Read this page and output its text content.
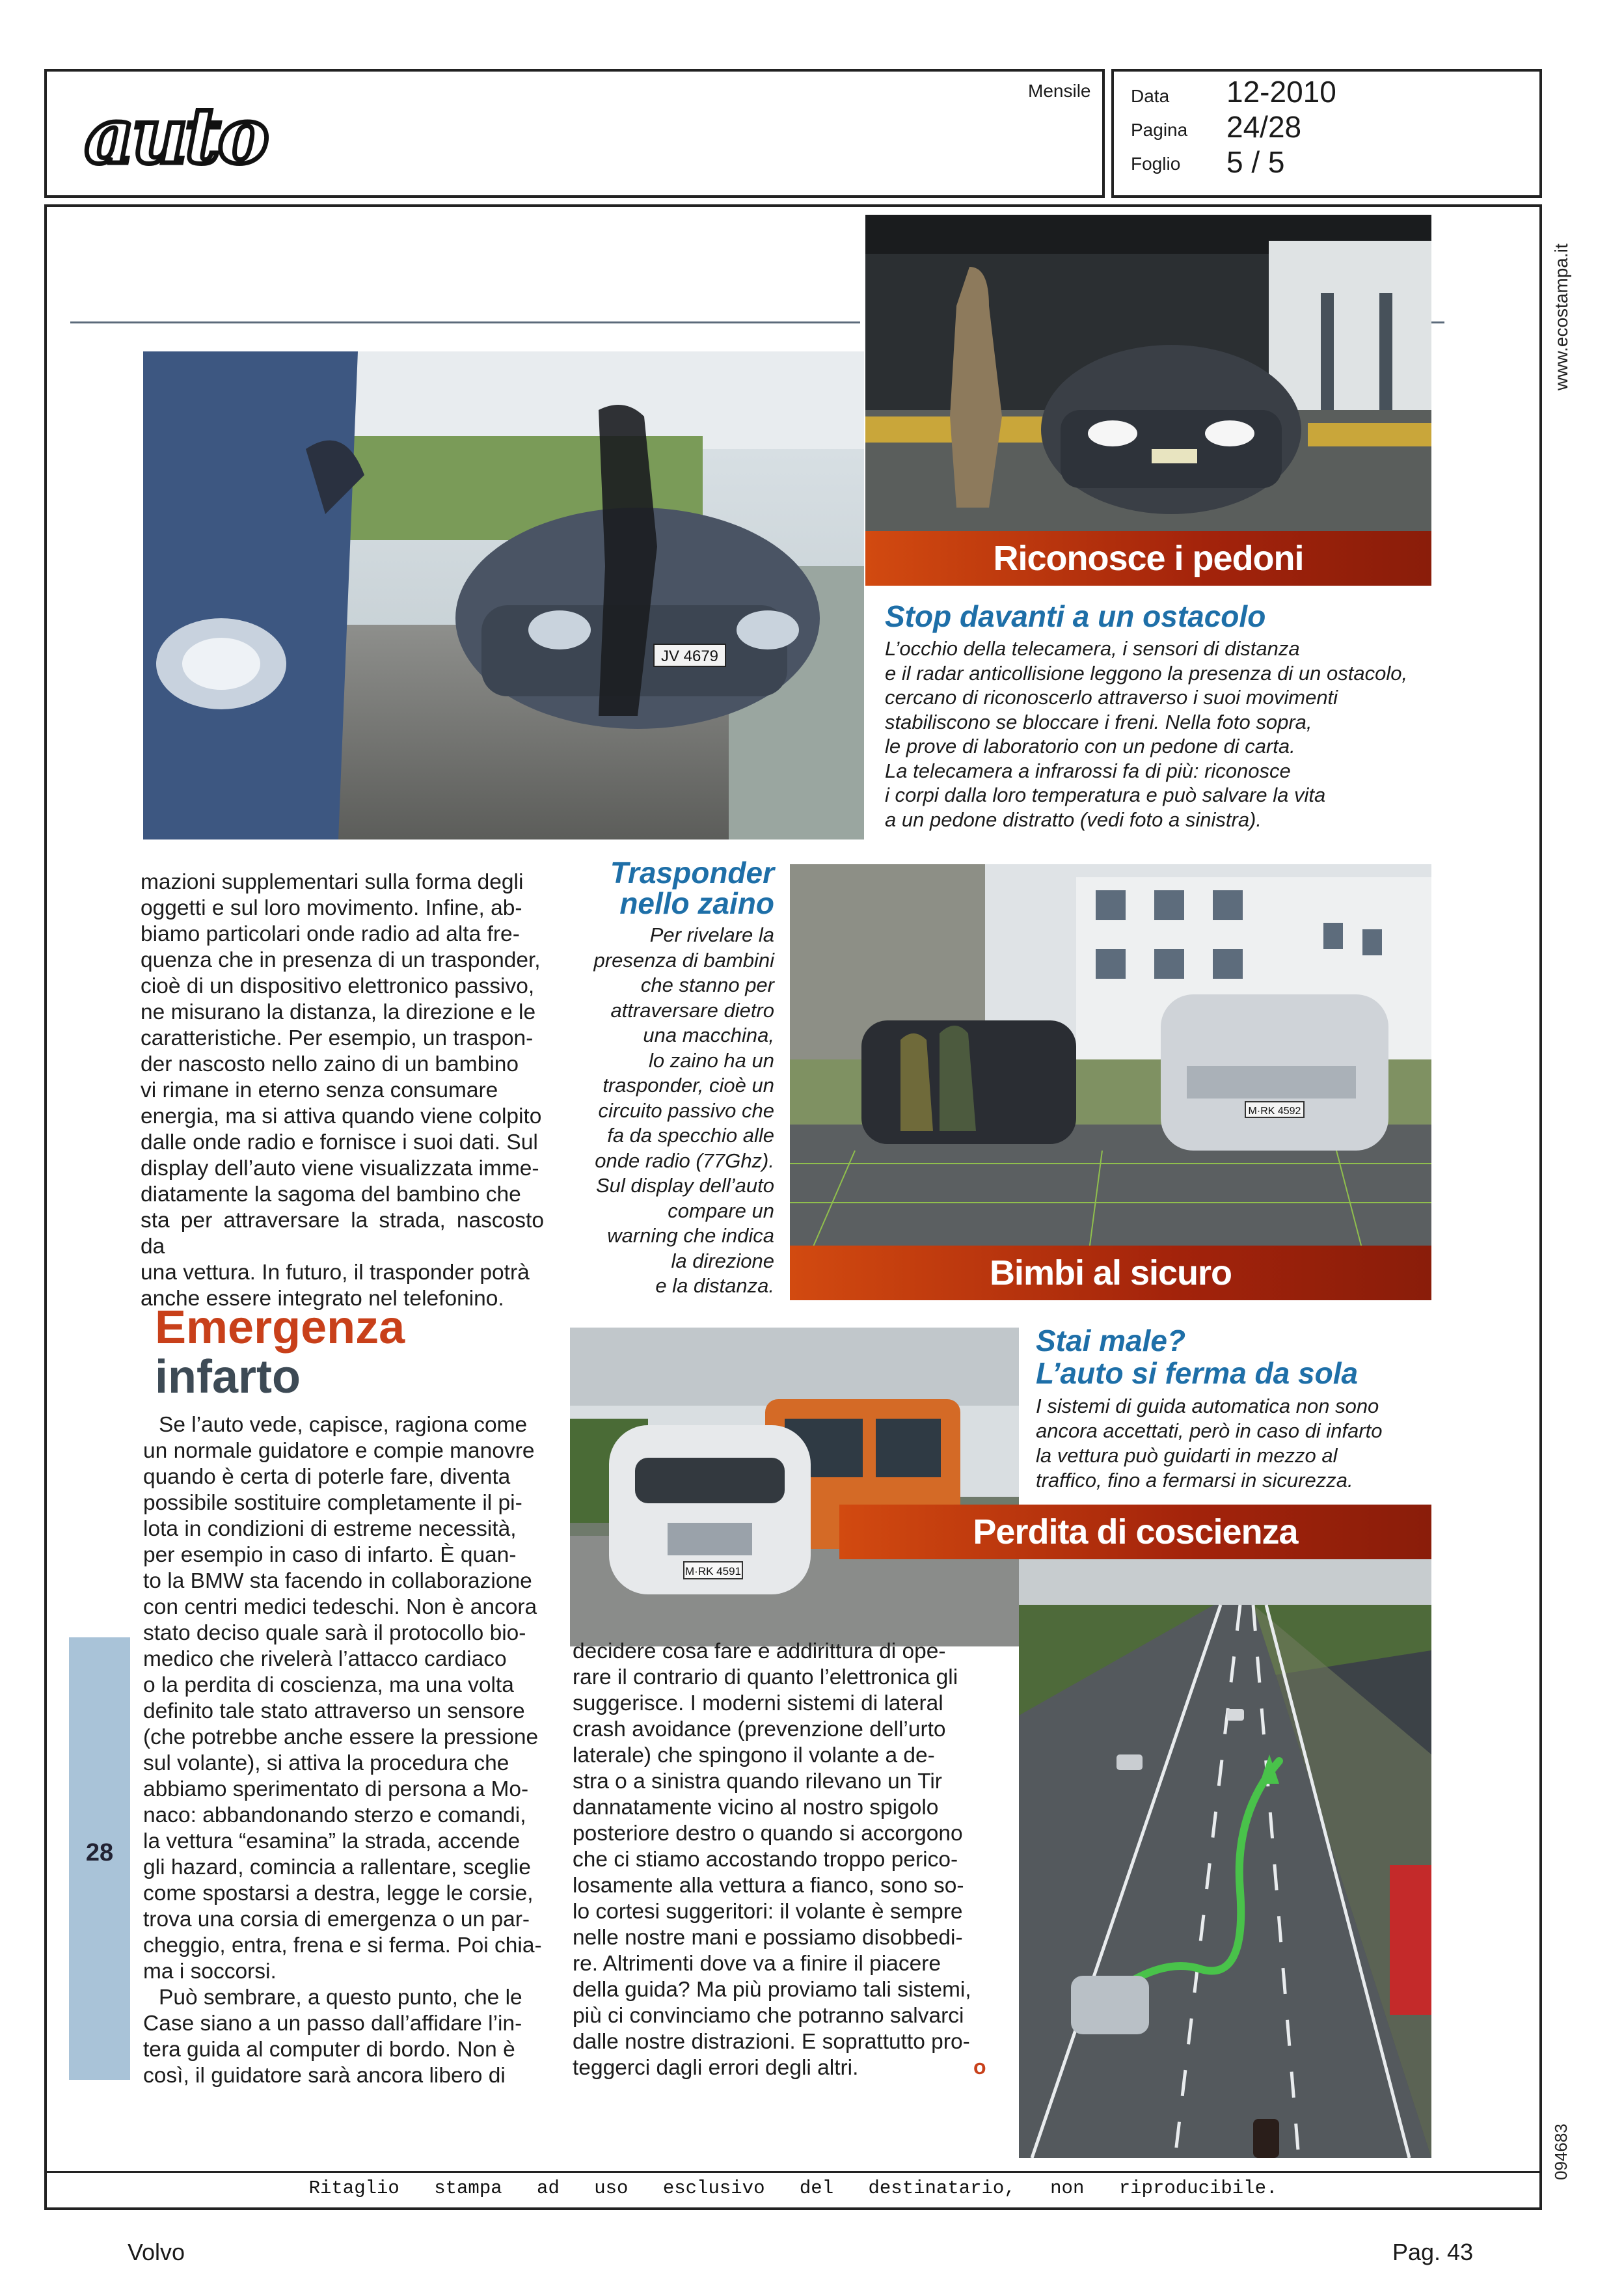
auto	Mensile Data 12-2010
Pagina 24/28
Foglio 5 / 5
www.ecostampa.it
094683
JV 4679
Riconosce i pedoni
Stop davanti a un ostacolo
L’occhio della telecamera, i sensori di distanza
e il radar anticollisione leggono la presenza di un ostacolo,
cercano di riconoscerlo attraverso i suoi movimenti
stabiliscono se bloccare i freni. Nella foto sopra,
le prove di laboratorio con un pedone di carta.
La telecamera a infrarossi fa di più: riconosce
i corpi dalla loro temperatura e può salvare la vita
a un pedone distratto (vedi foto a sinistra).

mazioni supplementari sulla forma degli

oggetti e sul loro movimento. Infine, ab-

biamo particolari onde radio ad alta fre-

quenza che in presenza di un trasponder,

cioè di un dispositivo elettronico passivo,

ne misurano la distanza, la direzione e le

caratteristiche. Per esempio, un traspon-

der nascosto nello zaino di un bambino

vi rimane in eterno senza consumare

energia, ma si attiva quando viene colpito

dalle onde radio e fornisce i suoi dati. Sul

display dell’auto viene visualizzata imme-

diatamente la sagoma del bambino che

sta per attraversare la strada, nascosto da

una vettura. In futuro, il trasponder potrà

anche essere integrato nel telefonino.

Trasponder
nello zaino
Per rivelare la
presenza di bambini
che stanno per
attraversare dietro
una macchina,
lo zaino ha un
trasponder, cioè un
circuito passivo che
fa da specchio alle
onde radio (77Ghz).
Sul display dell’auto
compare un
warning che indica
la direzione
e la distanza.
M·RK 4592
Bimbi al sicuro
Emergenza
infarto
28

Se l’auto vede, capisce, ragiona come

un normale guidatore e compie manovre

quando è certa di poterle fare, diventa

possibile sostituire completamente il pi-

lota in condizioni di estreme necessità,

per esempio in caso di infarto. È quan-

to la BMW sta facendo in collaborazione

con centri medici tedeschi. Non è ancora

stato deciso quale sarà il protocollo bio-

medico che rivelerà l’attacco cardiaco

o la perdita di coscienza, ma una volta

definito tale stato attraverso un sensore

(che potrebbe anche essere la pressione

sul volante), si attiva la procedura che

abbiamo sperimentato di persona a Mo-

naco: abbandonando sterzo e comandi,

la vettura “esamina” la strada, accende

gli hazard, comincia a rallentare, sceglie

come spostarsi a destra, legge le corsie,

trova una corsia di emergenza o un par-

cheggio, entra, frena e si ferma. Poi chia-

ma i soccorsi.

Può sembrare, a questo punto, che le

Case siano a un passo dall’affidare l’in-

tera guida al computer di bordo. Non è

così, il guidatore sarà ancora libero di

M·RK 4591
Stai male?
L’auto si ferma da sola
I sistemi di guida automatica non sono
ancora accettati, però in caso di infarto
la vettura può guidarti in mezzo al
traffico, fino a fermarsi in sicurezza.
Perdita di coscienza

decidere cosa fare e addirittura di ope-

rare il contrario di quanto l’elettronica gli

suggerisce. I moderni sistemi di lateral

crash avoidance (prevenzione dell’urto

laterale) che spingono il volante a de-

stra o a sinistra quando rilevano un Tir

dannatamente vicino al nostro spigolo

posteriore destro o quando si accorgono

che ci stiamo accostando troppo perico-

losamente alla vettura a fianco, sono so-

lo cortesi suggeritori: il volante è sempre

nelle nostre mani e possiamo disobbedi-

re. Altrimenti dove va a finire il piacere

della guida? Ma più proviamo tali sistemi,

più ci convinciamo che potranno salvarci

dalle nostre distrazioni. E soprattutto pro-

teggerci dagli errori degli altri.	o
Ritaglio stampa ad uso esclusivo del destinatario, non riproducibile.
Volvo	Pag. 43
